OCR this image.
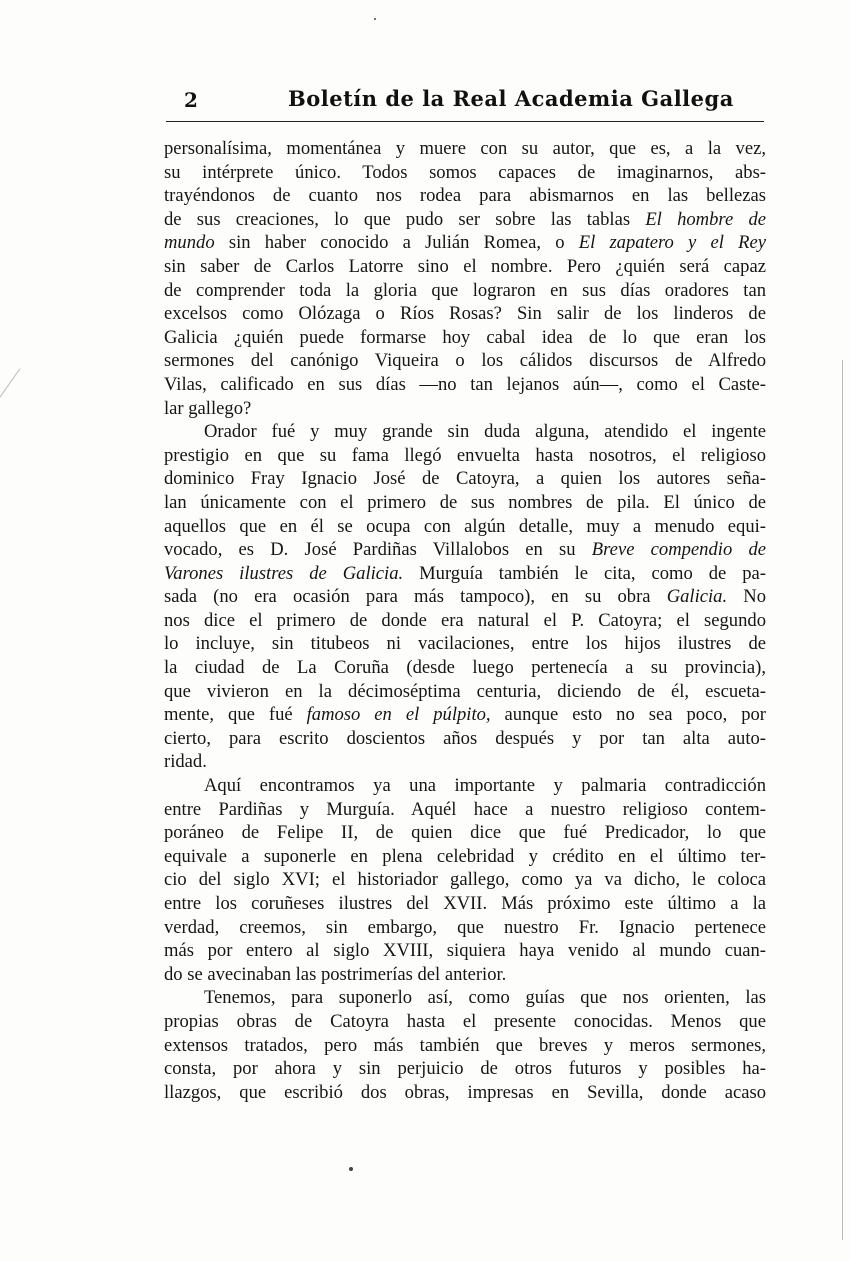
2	Boletín de la Real Academia Gallega
personalísima, momentánea y muere con su autor, que es, a la vez,
su intérprete único. Todos somos capaces de imaginarnos, abs-
trayéndonos de cuanto nos rodea para abismarnos en las bellezas
de sus creaciones, lo que pudo ser sobre las tablas El hombre de
mundo sin haber conocido a Julián Romea, o El zapatero y el Rey
sin saber de Carlos Latorre sino el nombre. Pero ¿quién será capaz
de comprender toda la gloria que lograron en sus días oradores tan
excelsos como Olózaga o Ríos Rosas? Sin salir de los linderos de
Galicia ¿quién puede formarse hoy cabal idea de lo que eran los
sermones del canónigo Viqueira o los cálidos discursos de Alfredo
Vilas, calificado en sus días —no tan lejanos aún—, como el Caste-
lar gallego?
Orador fué y muy grande sin duda alguna, atendido el ingente
prestigio en que su fama llegó envuelta hasta nosotros, el religioso
dominico Fray Ignacio José de Catoyra, a quien los autores seña-
lan únicamente con el primero de sus nombres de pila. El único de
aquellos que en él se ocupa con algún detalle, muy a menudo equi-
vocado, es D. José Pardiñas Villalobos en su Breve compendio de
Varones ilustres de Galicia. Murguía también le cita, como de pa-
sada (no era ocasión para más tampoco), en su obra Galicia. No
nos dice el primero de donde era natural el P. Catoyra; el segundo
lo incluye, sin titubeos ni vacilaciones, entre los hijos ilustres de
la ciudad de La Coruña (desde luego pertenecía a su provincia),
que vivieron en la décimoséptima centuria, diciendo de él, escueta-
mente, que fué famoso en el púlpito, aunque esto no sea poco, por
cierto, para escrito doscientos años después y por tan alta auto-
ridad.
Aquí encontramos ya una importante y palmaria contradicción
entre Pardiñas y Murguía. Aquél hace a nuestro religioso contem-
poráneo de Felipe II, de quien dice que fué Predicador, lo que
equivale a suponerle en plena celebridad y crédito en el último ter-
cio del siglo XVI; el historiador gallego, como ya va dicho, le coloca
entre los coruñeses ilustres del XVII. Más próximo este último a la
verdad, creemos, sin embargo, que nuestro Fr. Ignacio pertenece
más por entero al siglo XVIII, siquiera haya venido al mundo cuan-
do se avecinaban las postrimerías del anterior.
Tenemos, para suponerlo así, como guías que nos orienten, las
propias obras de Catoyra hasta el presente conocidas. Menos que
extensos tratados, pero más también que breves y meros sermones,
consta, por ahora y sin perjuicio de otros futuros y posibles ha-
llazgos, que escribió dos obras, impresas en Sevilla, donde acaso
